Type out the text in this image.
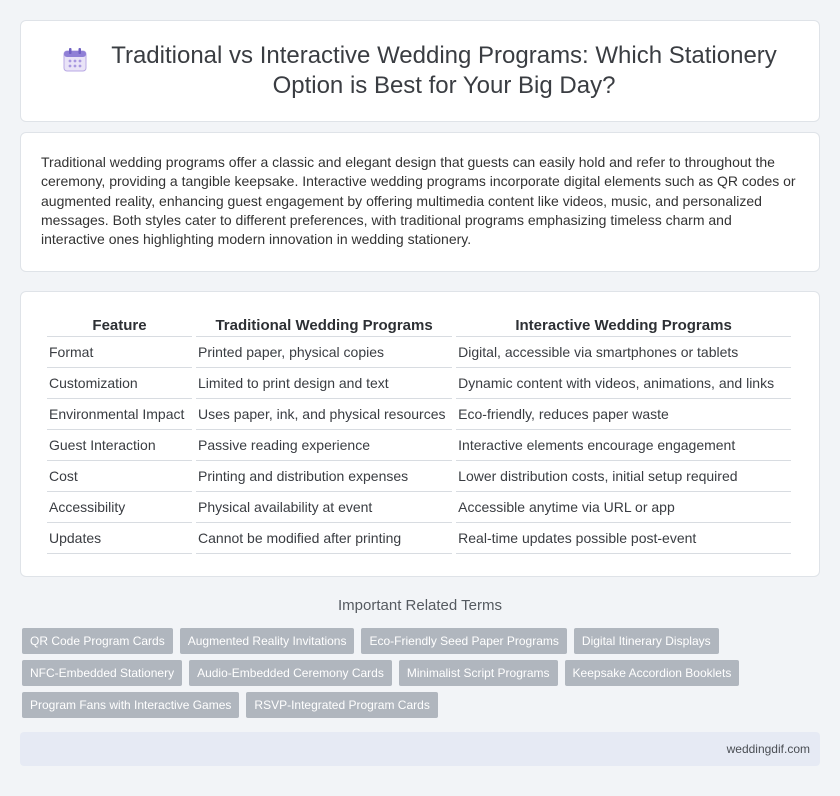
Traditional vs Interactive Wedding Programs: Which Stationery Option is Best for Your Big Day?

Traditional wedding programs offer a classic and elegant design that guests can easily hold and refer to throughout the ceremony, providing a tangible keepsake. Interactive wedding programs incorporate digital elements such as QR codes or augmented reality, enhancing guest engagement by offering multimedia content like videos, music, and personalized messages. Both styles cater to different preferences, with traditional programs emphasizing timeless charm and interactive ones highlighting modern innovation in wedding stationery.

Feature	Traditional Wedding Programs	Interactive Wedding Programs
Format	Printed paper, physical copies	Digital, accessible via smartphones or tablets
Customization	Limited to print design and text	Dynamic content with videos, animations, and links
Environmental Impact	Uses paper, ink, and physical resources	Eco-friendly, reduces paper waste
Guest Interaction	Passive reading experience	Interactive elements encourage engagement
Cost	Printing and distribution expenses	Lower distribution costs, initial setup required
Accessibility	Physical availability at event	Accessible anytime via URL or app
Updates	Cannot be modified after printing	Real-time updates possible post-event
Important Related Terms
QR Code Program Cards	Augmented Reality Invitations	Eco-Friendly Seed Paper Programs	Digital Itinerary Displays
NFC-Embedded Stationery	Audio-Embedded Ceremony Cards	Minimalist Script Programs	Keepsake Accordion Booklets
Program Fans with Interactive Games	RSVP-Integrated Program Cards
weddingdif.com
